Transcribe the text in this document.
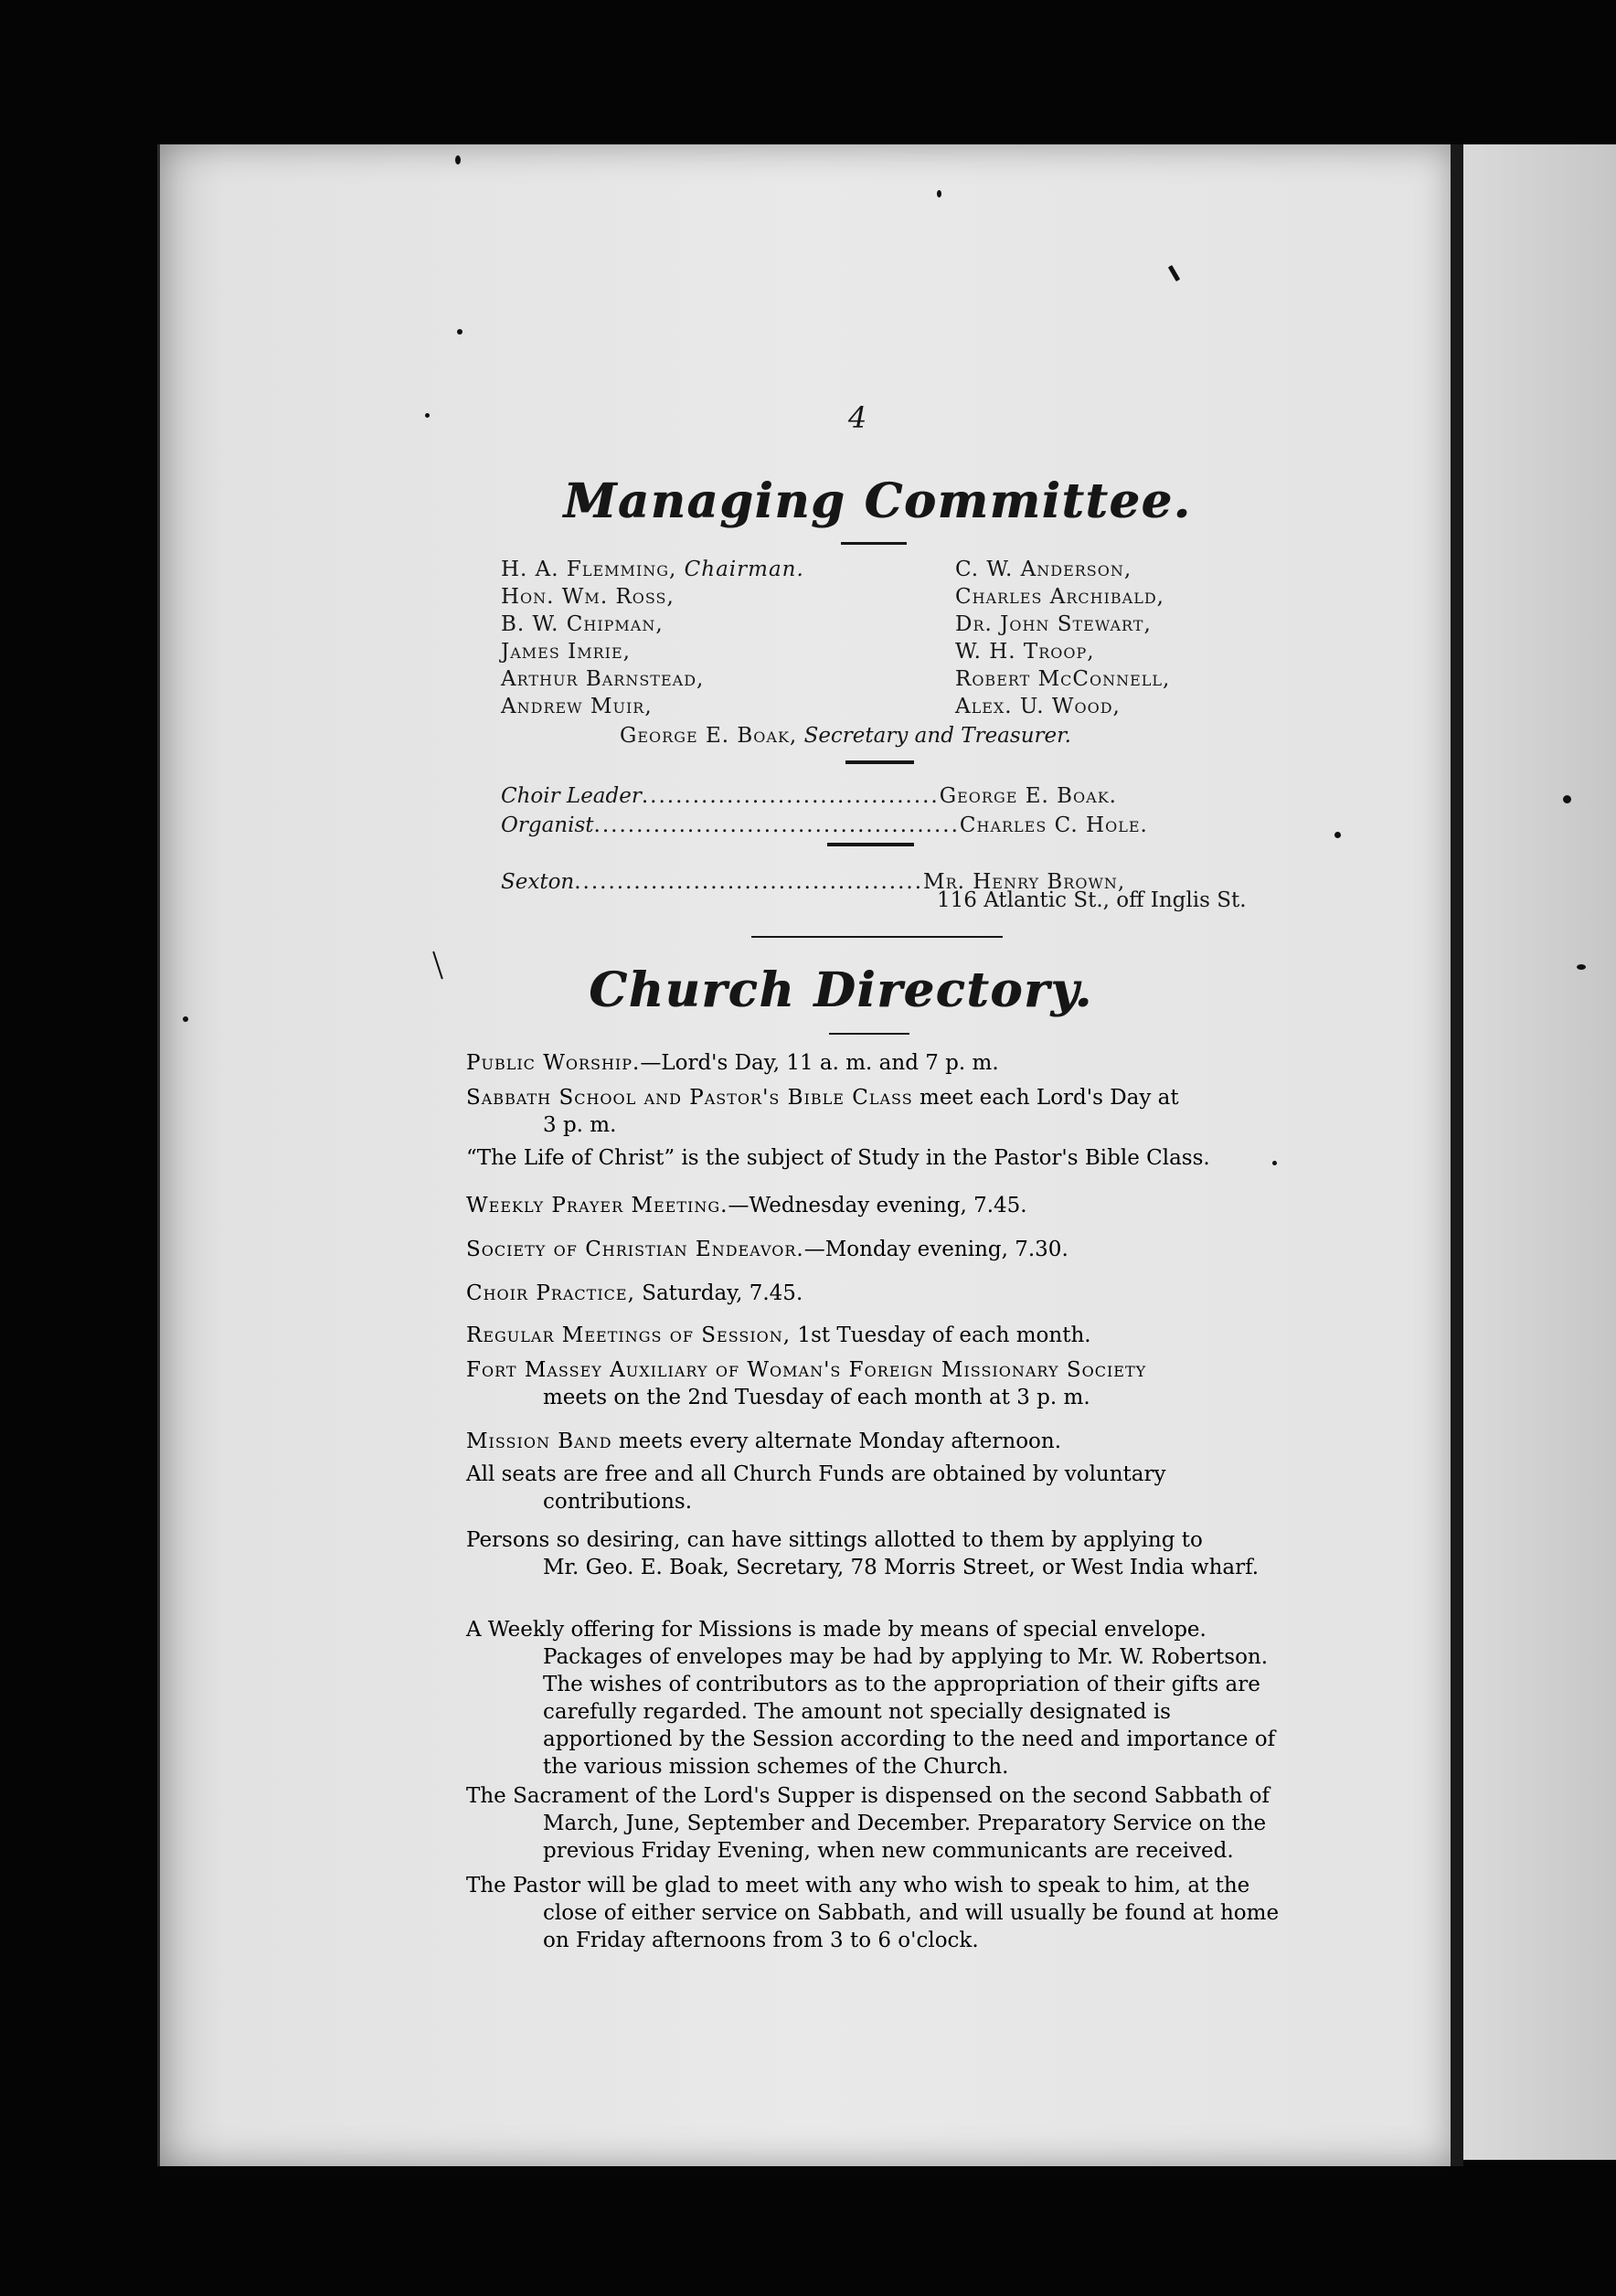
4
Managing Committee.
H. A. Flemming, Chairman.
Hon. Wm. Ross,
B. W. Chipman,
James Imrie,
Arthur Barnstead,
Andrew Muir,
C. W. Anderson,
Charles Archibald,
Dr. John Stewart,
W. H. Troop,
Robert McConnell,
Alex. U. Wood,
George E. Boak, Secretary and Treasurer.
Choir Leader...................................George E. Boak.
Organist...........................................Charles C. Hole.
Sexton.........................................Mr. Henry Brown,
116 Atlantic St., off Inglis St.
Church Directory.
Public Worship.—Lord's Day, 11 a. m. and 7 p. m.
Sabbath School and Pastor's Bible Class meet each Lord's Day at
3 p. m.
“The Life of Christ” is the subject of Study in the Pastor's Bible Class.
Weekly Prayer Meeting.—Wednesday evening, 7.45.
Society of Christian Endeavor.—Monday evening, 7.30.
Choir Practice, Saturday, 7.45.
Regular Meetings of Session, 1st Tuesday of each month.
Fort Massey Auxiliary of Woman's Foreign Missionary Society
meets on the 2nd Tuesday of each month at 3 p. m.
Mission Band meets every alternate Monday afternoon.
All seats are free and all Church Funds are obtained by voluntary
contributions.
Persons so desiring, can have sittings allotted to them by applying to
Mr. Geo. E. Boak, Secretary, 78 Morris Street, or West India wharf.
A Weekly offering for Missions is made by means of special envelope.
Packages of envelopes may be had by applying to Mr. W. Robertson. The wishes of contributors as to the appropriation of their gifts are carefully regarded. The amount not specially designated is apportioned by the Session according to the need and importance of the various mission schemes of the Church.
The Sacrament of the Lord's Supper is dispensed on the second Sabbath of
March, June, September and December. Preparatory Service on the previous Friday Evening, when new communicants are received.
The Pastor will be glad to meet with any who wish to speak to him, at the
close of either service on Sabbath, and will usually be found at home on Friday afternoons from 3 to 6 o'clock.
